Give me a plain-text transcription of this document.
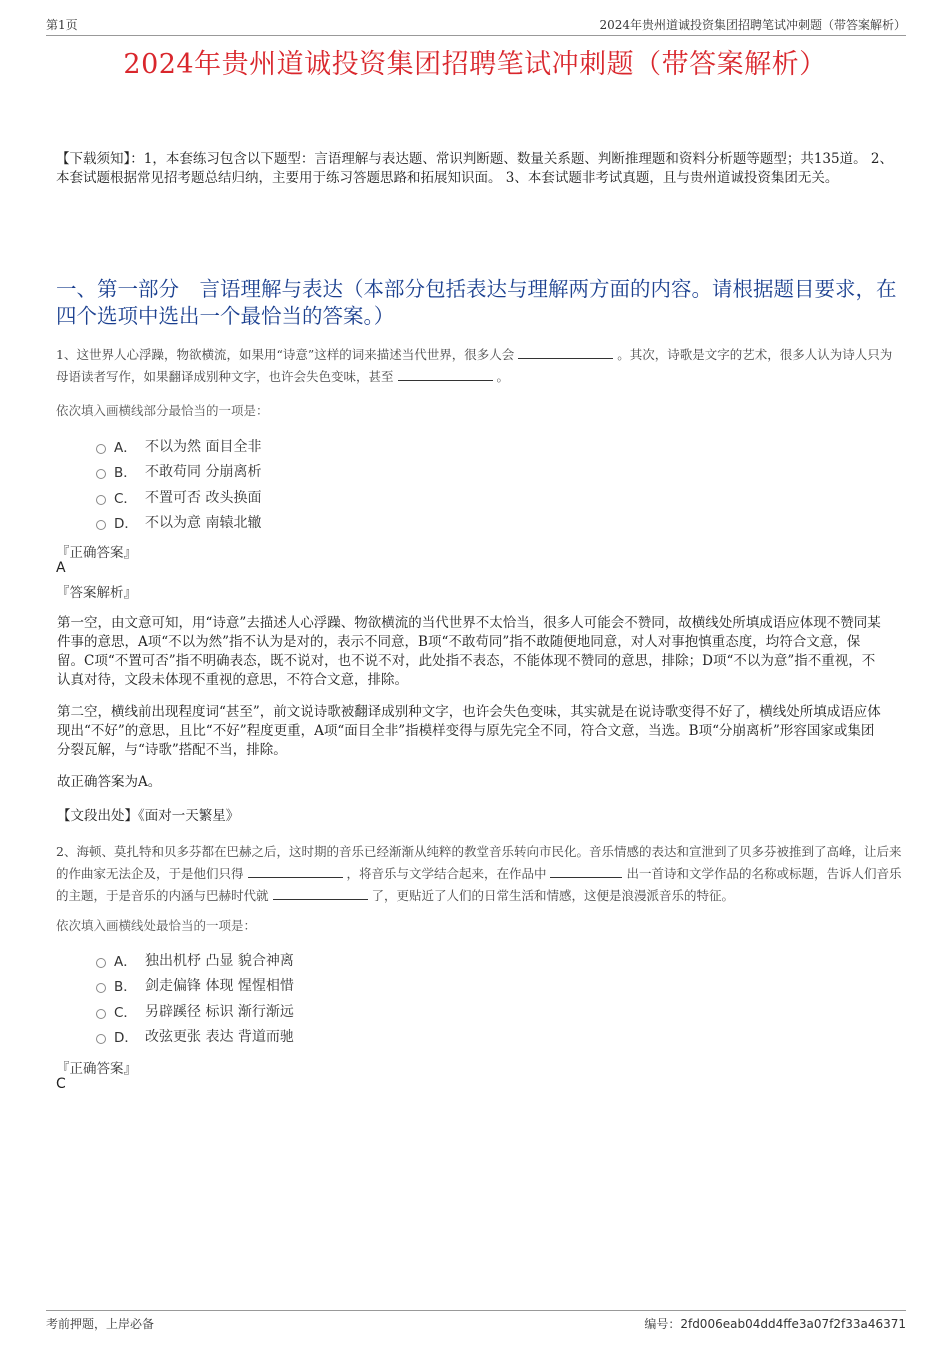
第1页	2024年贵州道诚投资集团招聘笔试冲刺题（带答案解析）
2024年贵州道诚投资集团招聘笔试冲刺题（带答案解析）
【下载须知】：1，本套练习包含以下题型：言语理解与表达题、常识判断题、数量关系题、判断推理题和资料分析题等题型；共135道。 2、本套试题根据常见招考题总结归纳，主要用于练习答题思路和拓展知识面。 3、本套试题非考试真题，且与贵州道诚投资集团无关。
一、第一部分　言语理解与表达（本部分包括表达与理解两方面的内容。请根据题目要求，在四个选项中选出一个最恰当的答案。）
1、这世界人心浮躁，物欲横流，如果用“诗意”这样的词来描述当代世界，很多人会	。其次，诗歌是文字的艺术，很多人认为诗人只为母语读者写作，如果翻译成别种文字，也许会失色变味，甚至	。
依次填入画横线部分最恰当的一项是：
A． 不以为然 面目全非
B． 不敢苟同 分崩离析
C． 不置可否 改头换面
D． 不以为意 南辕北辙
『正确答案』
A
『答案解析』
第一空，由文意可知，用“诗意”去描述人心浮躁、物欲横流的当代世界不太恰当，很多人可能会不赞同，故横线处所填成语应体现不赞同某件事的意思，A项“不以为然”指不认为是对的，表示不同意，B项“不敢苟同”指不敢随便地同意，对人对事抱慎重态度，均符合文意，保留。C项“不置可否”指不明确表态，既不说对，也不说不对，此处指不表态，不能体现不赞同的意思，排除；D项“不以为意”指不重视，不认真对待，文段未体现不重视的意思，不符合文意，排除。
第二空，横线前出现程度词“甚至”，前文说诗歌被翻译成别种文字，也许会失色变味，其实就是在说诗歌变得不好了，横线处所填成语应体现出“不好”的意思，且比“不好”程度更重，A项“面目全非”指模样变得与原先完全不同，符合文意，当选。B项“分崩离析”形容国家或集团分裂瓦解，与“诗歌”搭配不当，排除。
故正确答案为A。
【文段出处】《面对一天繁星》
2、海顿、莫扎特和贝多芬都在巴赫之后，这时期的音乐已经渐渐从纯粹的教堂音乐转向市民化。音乐情感的表达和宣泄到了贝多芬被推到了高峰，让后来的作曲家无法企及，于是他们只得	，将音乐与文学结合起来，在作品中	出一首诗和文学作品的名称或标题，告诉人们音乐的主题，于是音乐的内涵与巴赫时代就	了，更贴近了人们的日常生活和情感，这便是浪漫派音乐的特征。
依次填入画横线处最恰当的一项是：
A． 独出机杼 凸显 貌合神离
B． 剑走偏锋 体现 惺惺相惜
C． 另辟蹊径 标识 渐行渐远
D． 改弦更张 表达 背道而驰
『正确答案』
C
考前押题，上岸必备	编号：2fd006eab04dd4ffe3a07f2f33a46371
